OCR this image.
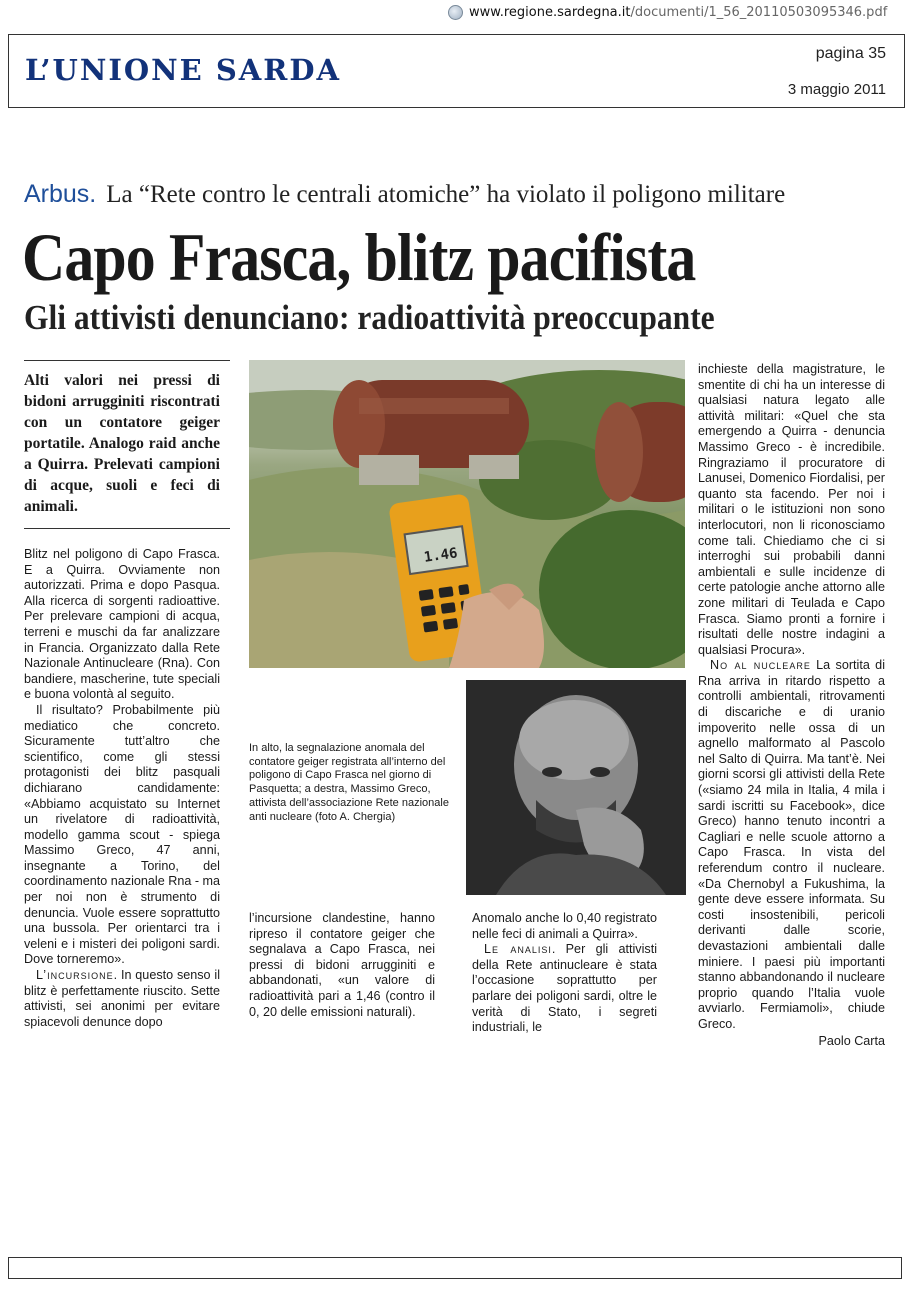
www.regione.sardegna.it /documenti/1_56_20110503095346.pdf
L’UNIONE SARDA	pagina 35
3 maggio 2011
Arbus. La “Rete contro le centrali atomiche” ha violato il poligono militare
Capo Frasca, blitz pacifista
Gli attivisti denunciano: radioattività preoccupante
Alti valori nei pressi di bidoni arrugginiti riscontrati con un contatore geiger portatile. Analogo raid anche a Quirra. Prelevati campioni di acque, suoli e feci di animali.

Blitz nel poligono di Capo Frasca. E a Quirra. Ovviamente non autorizzati. Prima e dopo Pasqua. Alla ricerca di sorgenti radioattive. Per prelevare campioni di acqua, terreni e muschi da far analizzare in Francia. Organizzato dalla Rete Nazionale Antinucleare (Rna). Con bandiere, mascherine, tute speciali e buona volontà al seguito.

Il risultato? Probabilmente più mediatico che concreto. Sicuramente tutt’altro che scientifico, come gli stessi protagonisti dei blitz pasquali dichiarano candidamente: «Abbiamo acquistato su Internet un rivelatore di radioattività, modello gamma scout - spiega Massimo Greco, 47 anni, insegnante a Torino, del coordinamento nazionale Rna - ma per noi non è strumento di denuncia. Vuole essere soprattutto una bussola. Per orientarci tra i veleni e i misteri dei poligoni sardi. Dove torneremo».

L’incursione. In questo senso il blitz è perfettamente riuscito. Sette attivisti, sei anonimi per evitare spiacevoli denunce dopo

1.46
In alto, la segnalazione anomala del contatore geiger registrata all’interno del poligono di Capo Frasca nel giorno di Pasquetta; a destra, Massimo Greco, attivista dell’associazione Rete nazionale anti nucleare (foto A. Chergia)

l’incursione clandestine, hanno ripreso il contatore geiger che segnalava a Capo Frasca, nei pressi di bidoni arrugginiti e abbandonati, «un valore di radioattività pari a 1,46 (contro il 0, 20 delle emissioni naturali).

Anomalo anche lo 0,40 registrato nelle feci di animali a Quirra».

Le analisi. Per gli attivisti della Rete antinucleare è stata l’occasione soprattutto per parlare dei poligoni sardi, oltre le verità di Stato, i segreti industriali, le

inchieste della magistrature, le smentite di chi ha un interesse di qualsiasi natura legato alle attività militari: «Quel che sta emergendo a Quirra - denuncia Massimo Greco - è incredibile. Ringraziamo il procuratore di Lanusei, Domenico Fiordalisi, per quanto sta facendo. Per noi i militari o le istituzioni non sono interlocutori, non li riconosciamo come tali. Chiediamo che ci si interroghi sui probabili danni ambientali e sulle incidenze di certe patologie anche attorno alle zone militari di Teulada e Capo Frasca. Siamo pronti a fornire i risultati delle nostre indagini a qualsiasi Procura».

No al nucleare La sortita di Rna arriva in ritardo rispetto a controlli ambientali, ritrovamenti di discariche e di uranio impoverito nelle ossa di un agnello malformato al Pascolo nel Salto di Quirra. Ma tant’è. Nei giorni scorsi gli attivisti della Rete («siamo 24 mila in Italia, 4 mila i sardi iscritti su Facebook», dice Greco) hanno tenuto incontri a Cagliari e nelle scuole attorno a Capo Frasca. In vista del referendum contro il nucleare. «Da Chernobyl a Fukushima, la gente deve essere informata. Su costi insostenibili, pericoli derivanti dalle scorie, devastazioni ambientali dalle miniere. I paesi più importanti stanno abbandonando il nucleare proprio quando l’Italia vuole avviarlo. Fermiamoli», chiude Greco.

Paolo Carta
